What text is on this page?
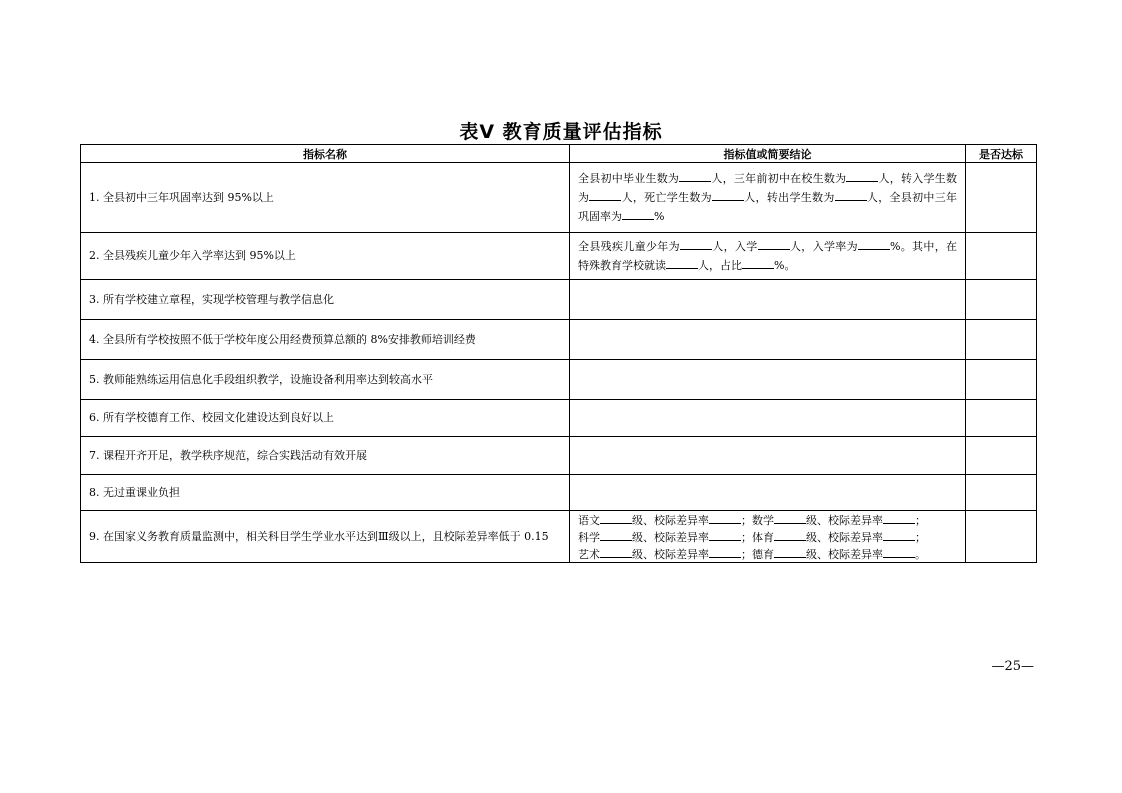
表Ⅴ 教育质量评估指标
指标名称	指标值或简要结论	是否达标
1. 全县初中三年巩固率达到 95%以上	全县初中毕业生数为 人，三年前初中在校生数为 人，转入学生数为 人，死亡学生数为 人，转出学生数为 人，全县初中三年巩固率为 %	
2. 全县残疾儿童少年入学率达到 95%以上	全县残疾儿童少年为 人，入学 人，入学率为 %。其中，在特殊教育学校就读 人，占比 %。	
3. 所有学校建立章程，实现学校管理与教学信息化		
4. 全县所有学校按照不低于学校年度公用经费预算总额的 8%安排教师培训经费		
5. 教师能熟练运用信息化手段组织教学，设施设备利用率达到较高水平		
6. 所有学校德育工作、校园文化建设达到良好以上		
7. 课程开齐开足，教学秩序规范，综合实践活动有效开展		
8. 无过重课业负担		
9. 在国家义务教育质量监测中，相关科目学生学业水平达到Ⅲ级以上，且校际差异率低于 0.15	语文 级、校际差异率 ；数学 级、校际差异率 ；
科学 级、校际差异率 ；体育 级、校际差异率 ；
艺术 级、校际差异率 ；德育 级、校际差异率 。	

—25—
